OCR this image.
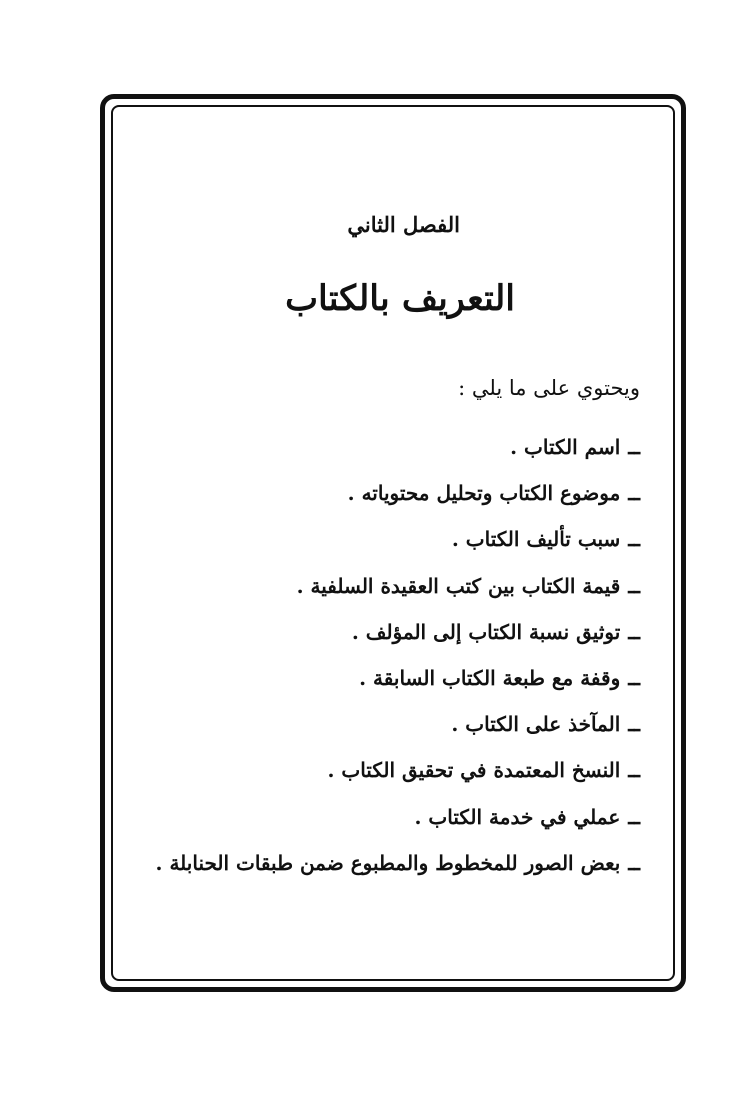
الفصل الثاني
التعريف بالكتاب
ويحتوي على ما يلي :
ــ
اسم الكتاب .
ــ
موضوع الكتاب وتحليل محتوياته .
ــ
سبب تأليف الكتاب .
ــ
قيمة الكتاب بين كتب العقيدة السلفية .
ــ
توثيق نسبة الكتاب إلى المؤلف .
ــ
وقفة مع طبعة الكتاب السابقة .
ــ
المآخذ على الكتاب .
ــ
النسخ المعتمدة في تحقيق الكتاب .
ــ
عملي في خدمة الكتاب .
ــ
بعض الصور للمخطوط والمطبوع ضمن طبقات الحنابلة .
